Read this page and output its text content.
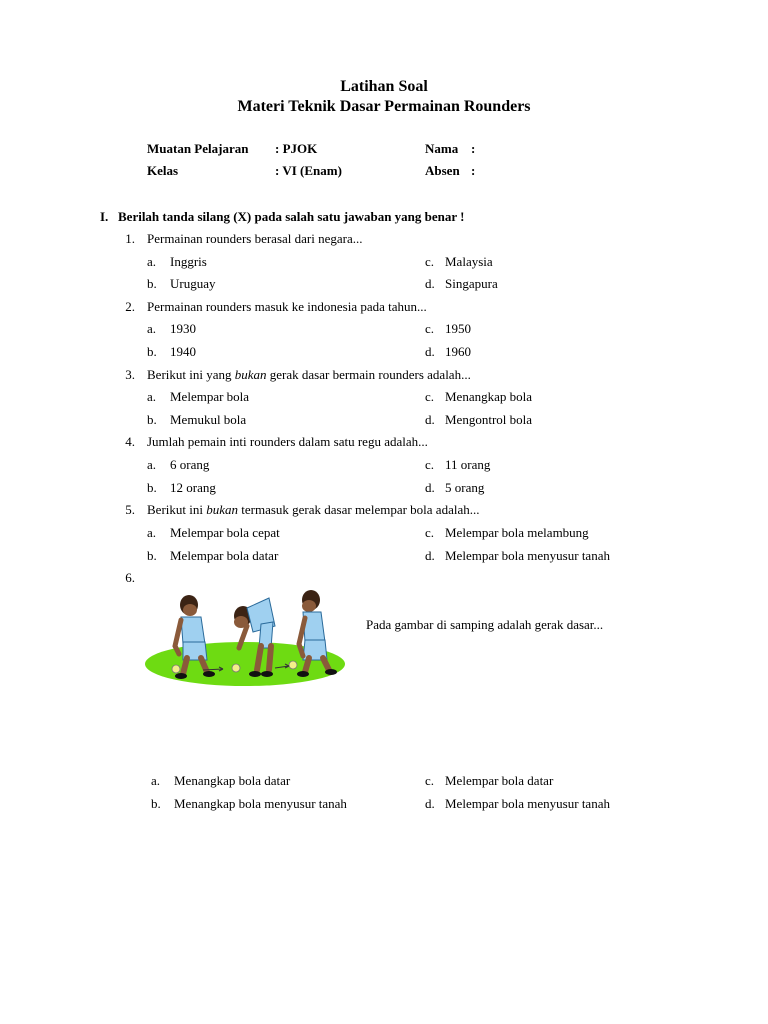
Latihan Soal
Materi Teknik Dasar Permainan Rounders
Muatan Pelajaran : PJOK	Nama :
Kelas	: VI (Enam)	Absen :
I. Berilah tanda silang (X) pada salah satu jawaban yang benar !
1. Permainan rounders berasal dari negara...
a. Inggris	c. Malaysia
b. Uruguay	d. Singapura
2. Permainan rounders masuk ke indonesia pada tahun...
a. 1930	c. 1950
b. 1940	d. 1960
3. Berikut ini yang bukan gerak dasar bermain rounders adalah...
a. Melempar bola	c. Menangkap bola
b. Memukul bola	d. Mengontrol bola
4. Jumlah pemain inti rounders dalam satu regu adalah...
a. 6 orang	c. 11 orang
b. 12 orang	d. 5 orang
5. Berikut ini bukan termasuk gerak dasar melempar bola adalah...
a. Melempar bola cepat	c. Melempar bola melambung
b. Melempar bola datar	d. Melempar bola menyusur tanah
6.
Pada gambar di samping adalah gerak dasar...
a. Menangkap bola datar	c. Melempar bola datar
b. Menangkap bola menyusur tanah	d. Melempar bola menyusur tanah
